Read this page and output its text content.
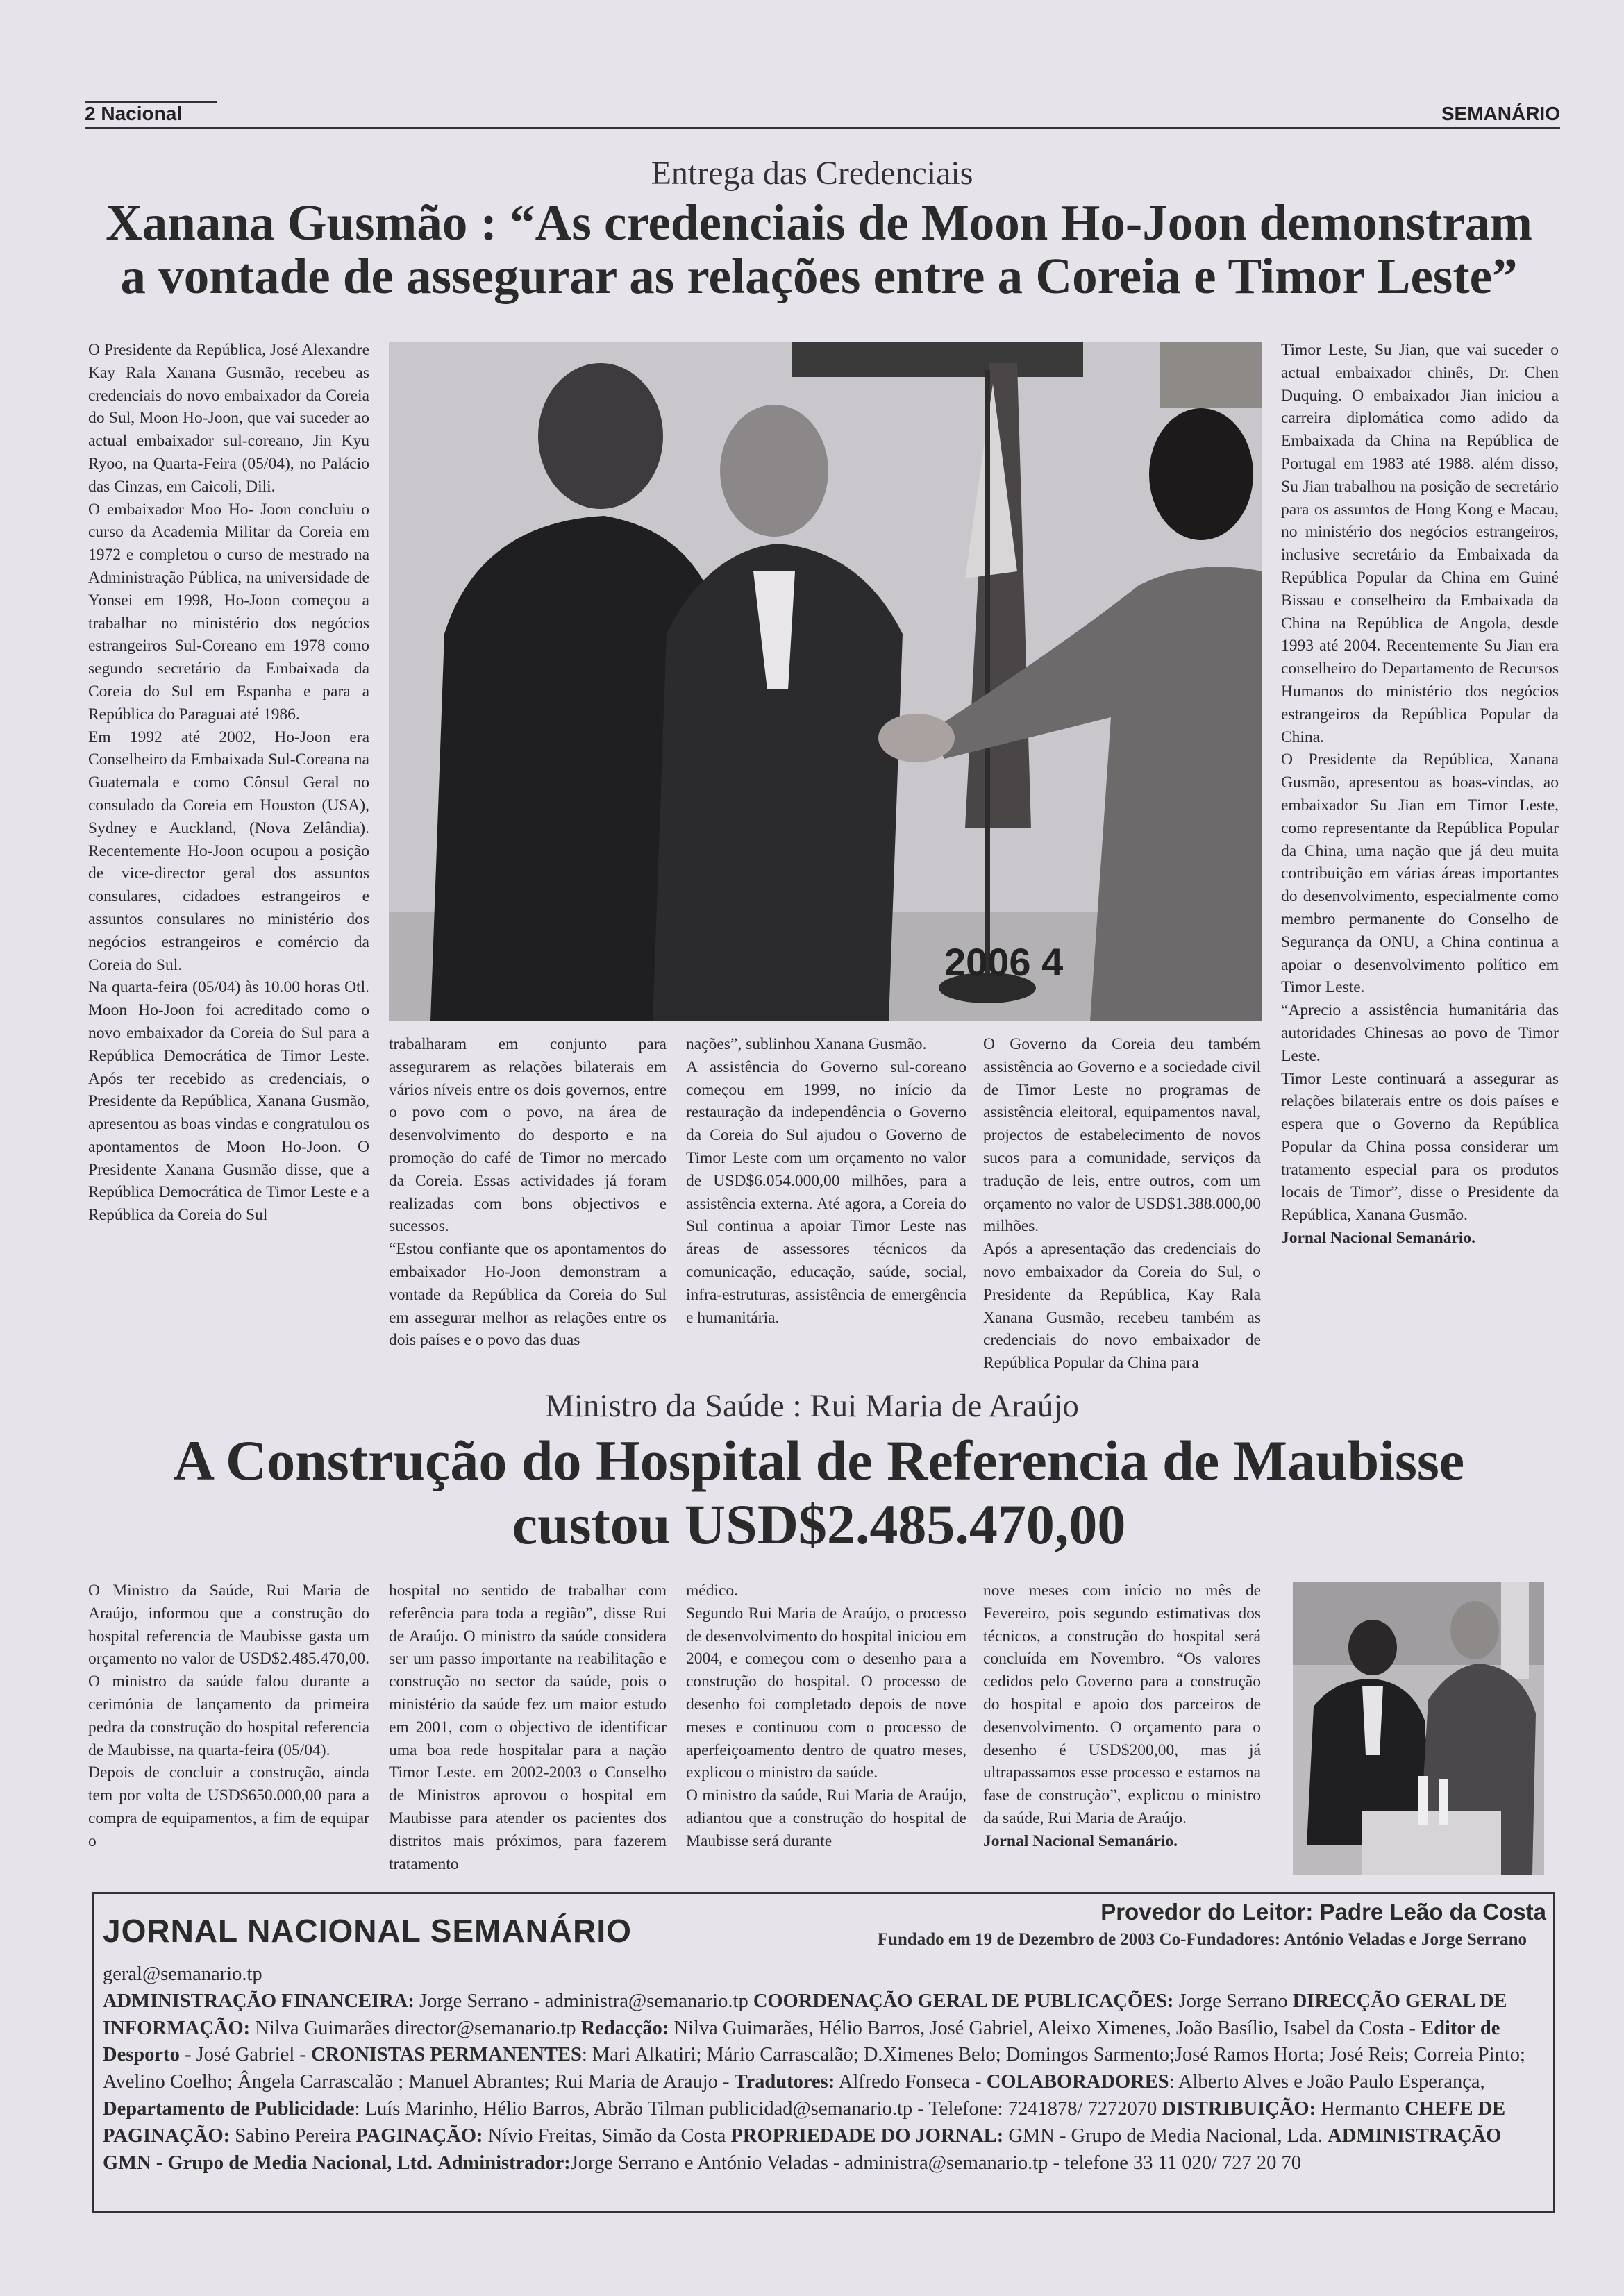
2 Nacional	SEMANÁRIO
Entrega das Credenciais
Xanana Gusmão : “As credenciais de Moon Ho-Joon demonstram
a vontade de assegurar as relações entre a Coreia e Timor Leste”
2006 4

O Presidente da República, José Alexandre Kay Rala Xanana Gusmão, recebeu as credenciais do novo embaixador da Coreia do Sul, Moon Ho-Joon, que vai suceder ao actual embaixador sul-coreano, Jin Kyu Ryoo, na Quarta-Feira (05/04), no Palácio das Cinzas, em Caicoli, Dili.

O embaixador Moo Ho- Joon concluiu o curso da Academia Militar da Coreia em 1972 e completou o curso de mestrado na Administração Pública, na universidade de Yonsei em 1998, Ho-Joon começou a trabalhar no ministério dos negócios estrangeiros Sul-Coreano em 1978 como segundo secretário da Embaixada da Coreia do Sul em Espanha e para a República do Paraguai até 1986.

Em 1992 até 2002, Ho-Joon era Conselheiro da Embaixada Sul-Coreana na Guatemala e como Cônsul Geral no consulado da Coreia em Houston (USA), Sydney e Auckland, (Nova Zelândia). Recentemente Ho-Joon ocupou a posição de vice-director geral dos assuntos consulares, cidadoes estrangeiros e assuntos consulares no ministério dos negócios estrangeiros e comércio da Coreia do Sul.

Na quarta-feira (05/04) às 10.00 horas Otl. Moon Ho-Joon foi acreditado como o novo embaixador da Coreia do Sul para a República Democrática de Timor Leste. Após ter recebido as credenciais, o Presidente da República, Xanana Gusmão, apresentou as boas vindas e congratulou os apontamentos de Moon Ho-Joon. O Presidente Xanana Gusmão disse, que a República Democrática de Timor Leste e a República da Coreia do Sul

trabalharam em conjunto para assegurarem as relações bilaterais em vários níveis entre os dois governos, entre o povo com o povo, na área de desenvolvimento do desporto e na promoção do café de Timor no mercado da Coreia. Essas actividades já foram realizadas com bons objectivos e sucessos.

“Estou confiante que os apontamentos do embaixador Ho-Joon demonstram a vontade da República da Coreia do Sul em assegurar melhor as relações entre os dois países e o povo das duas

nações”, sublinhou Xanana Gusmão.

A assistência do Governo sul-coreano começou em 1999, no início da restauração da independência o Governo da Coreia do Sul ajudou o Governo de Timor Leste com um orçamento no valor de USD$6.054.000,00 milhões, para a assistência externa. Até agora, a Coreia do Sul continua a apoiar Timor Leste nas áreas de assessores técnicos da comunicação, educação, saúde, social, infra-estruturas, assistência de emergência e humanitária.

O Governo da Coreia deu também assistência ao Governo e a sociedade civil de Timor Leste no programas de assistência eleitoral, equipamentos naval, projectos de estabelecimento de novos sucos para a comunidade, serviços da tradução de leis, entre outros, com um orçamento no valor de USD$1.388.000,00 milhões.

Após a apresentação das credenciais do novo embaixador da Coreia do Sul, o Presidente da República, Kay Rala Xanana Gusmão, recebeu também as credenciais do novo embaixador de República Popular da China para

Timor Leste, Su Jian, que vai suceder o actual embaixador chinês, Dr. Chen Duquing. O embaixador Jian iniciou a carreira diplomática como adido da Embaixada da China na República de Portugal em 1983 até 1988. além disso, Su Jian trabalhou na posição de secretário para os assuntos de Hong Kong e Macau, no ministério dos negócios estrangeiros, inclusive secretário da Embaixada da República Popular da China em Guiné Bissau e conselheiro da Embaixada da China na República de Angola, desde 1993 até 2004. Recentemente Su Jian era conselheiro do Departamento de Recursos Humanos do ministério dos negócios estrangeiros da República Popular da China.

O Presidente da República, Xanana Gusmão, apresentou as boas-vindas, ao embaixador Su Jian em Timor Leste, como representante da República Popular da China, uma nação que já deu muita contribuição em várias áreas importantes do desenvolvimento, especialmente como membro permanente do Conselho de Segurança da ONU, a China continua a apoiar o desenvolvimento político em Timor Leste.

“Aprecio a assistência humanitária das autoridades Chinesas ao povo de Timor Leste.

Timor Leste continuará a assegurar as relações bilaterais entre os dois países e espera que o Governo da República Popular da China possa considerar um tratamento especial para os produtos locais de Timor”, disse o Presidente da República, Xanana Gusmão.

Jornal Nacional Semanário.

Ministro da Saúde : Rui Maria de Araújo
A Construção do Hospital de Referencia de Maubisse
custou USD$2.485.470,00

O Ministro da Saúde, Rui Maria de Araújo, informou que a construção do hospital referencia de Maubisse gasta um orçamento no valor de USD$2.485.470,00. O ministro da saúde falou durante a cerimónia de lançamento da primeira pedra da construção do hospital referencia de Maubisse, na quarta-feira (05/04).

Depois de concluir a construção, ainda tem por volta de USD$650.000,00 para a compra de equipamentos, a fim de equipar o

hospital no sentido de trabalhar com referência para toda a região”, disse Rui de Araújo. O ministro da saúde considera ser um passo importante na reabilitação e construção no sector da saúde, pois o ministério da saúde fez um maior estudo em 2001, com o objectivo de identificar uma boa rede hospitalar para a nação Timor Leste. em 2002-2003 o Conselho de Ministros aprovou o hospital em Maubisse para atender os pacientes dos distritos mais próximos, para fazerem tratamento

médico.

Segundo Rui Maria de Araújo, o processo de desenvolvimento do hospital iniciou em 2004, e começou com o desenho para a construção do hospital. O processo de desenho foi completado depois de nove meses e continuou com o processo de aperfeiçoamento dentro de quatro meses, explicou o ministro da saúde.

O ministro da saúde, Rui Maria de Araújo, adiantou que a construção do hospital de Maubisse será durante

nove meses com início no mês de Fevereiro, pois segundo estimativas dos técnicos, a construção do hospital será concluída em Novembro. “Os valores cedidos pelo Governo para a construção do hospital e apoio dos parceiros de desenvolvimento. O orçamento para o desenho é USD$200,00, mas já ultrapassamos esse processo e estamos na fase de construção”, explicou o ministro da saúde, Rui Maria de Araújo.

Jornal Nacional Semanário.

JORNAL NACIONAL SEMANÁRIO
Provedor do Leitor: Padre Leão da Costa
Fundado em 19 de Dezembro de 2003 Co-Fundadores: António Veladas e Jorge Serrano
geral@semanario.tp
ADMINISTRAÇÃO FINANCEIRA: Jorge Serrano - administra@semanario.tp COORDENAÇÃO GERAL DE PUBLICAÇÕES: Jorge Serrano DIRECÇÃO GERAL DE INFORMAÇÃO: Nilva Guimarães director@semanario.tp Redacção: Nilva Guimarães, Hélio Barros, José Gabriel, Aleixo Ximenes, João Basílio, Isabel da Costa - Editor de Desporto - José Gabriel - CRONISTAS PERMANENTES: Mari Alkatiri; Mário Carrascalão; D.Ximenes Belo; Domingos Sarmento;José Ramos Horta; José Reis; Correia Pinto; Avelino Coelho; Ângela Carrascalão ; Manuel Abrantes; Rui Maria de Araujo - Tradutores: Alfredo Fonseca - COLABORADORES: Alberto Alves e João Paulo Esperança, Departamento de Publicidade: Luís Marinho, Hélio Barros, Abrão Tilman publicidad@semanario.tp - Telefone: 7241878/ 7272070 DISTRIBUIÇÃO: Hermanto CHEFE DE PAGINAÇÃO: Sabino Pereira PAGINAÇÃO: Nívio Freitas, Simão da Costa PROPRIEDADE DO JORNAL: GMN - Grupo de Media Nacional, Lda. ADMINISTRAÇÃO GMN - Grupo de Media Nacional, Ltd. Administrador:Jorge Serrano e António Veladas - administra@semanario.tp - telefone 33 11 020/ 727 20 70
